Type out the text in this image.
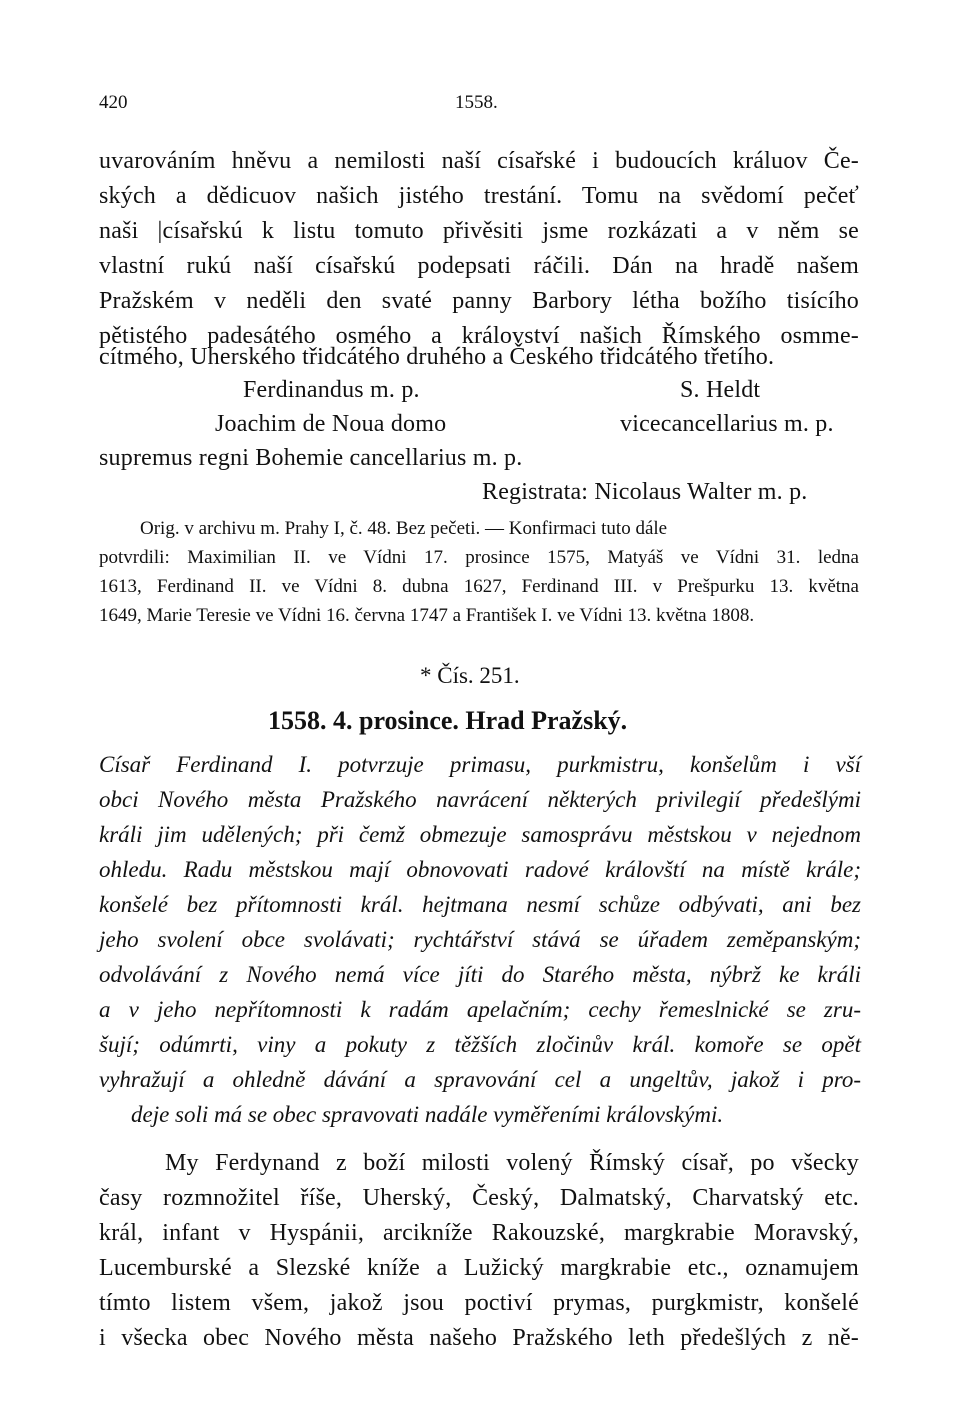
420	1558.
uvarováním hněvu a nemilosti naší císařské i budoucích králuov Če-
ských a dědicuov našich jistého trestání. Tomu na svědomí pečeť
naši |císařskú k listu tomuto přivěsiti jsme rozkázati a v něm se
vlastní rukú naší císařskú podepsati ráčili. Dán na hradě našem
Pražském v neděli den svaté panny Barbory létha božího tisícího
pětistého padesátého osmého a království našich Římského osmme-
cítmého, Uherského třidcátého druhého a Českého třidcátého třetího.
Ferdinandus m. p.	S. Heldt
Joachim de Noua domo	vicecancellarius m. p.
supremus regni Bohemie cancellarius m. p.
Registrata: Nicolaus Walter m. p.
Orig. v archivu m. Prahy I, č. 48. Bez pečeti. — Konfirmaci tuto dále
potvrdili: Maximilian II. ve Vídni 17. prosince 1575, Matyáš ve Vídni 31. ledna
1613, Ferdinand II. ve Vídni 8. dubna 1627, Ferdinand III. v Prešpurku 13. května
1649, Marie Teresie ve Vídni 16. června 1747 a František I. ve Vídni 13. května 1808.
* Čís. 251.
1558. 4. prosince. Hrad Pražský.
Císař Ferdinand I. potvrzuje primasu, purkmistru, konšelům i vší
obci Nového města Pražského navrácení některých privilegií předešlými
králi jim udělených; při čemž obmezuje samosprávu městskou v nejednom
ohledu. Radu městskou mají obnovovati radové královští na místě krále;
konšelé bez přítomnosti král. hejtmana nesmí schůze odbývati, ani bez
jeho svolení obce svolávati; rychtářství stává se úřadem zeměpanským;
odvolávání z Nového nemá více jíti do Starého města, nýbrž ke králi
a v jeho nepřítomnosti k radám apelačním; cechy řemeslnické se zru-
šují; odúmrti, viny a pokuty z těžších zločinův král. komoře se opět
vyhražují a ohledně dávání a spravování cel a ungeltův, jakož i pro-
deje soli má se obec spravovati nadále vyměřeními královskými.
My Ferdynand z boží milosti volený Římský císař, po všecky
časy rozmnožitel říše, Uherský, Český, Dalmatský, Charvatský etc.
král, infant v Hyspánii, arcikníže Rakouzské, margkrabie Moravský,
Lucemburské a Slezské kníže a Lužický margkrabie etc., oznamujem
tímto listem všem, jakož jsou poctiví prymas, purgkmistr, konšelé
i všecka obec Nového města našeho Pražského leth předešlých z ně-
